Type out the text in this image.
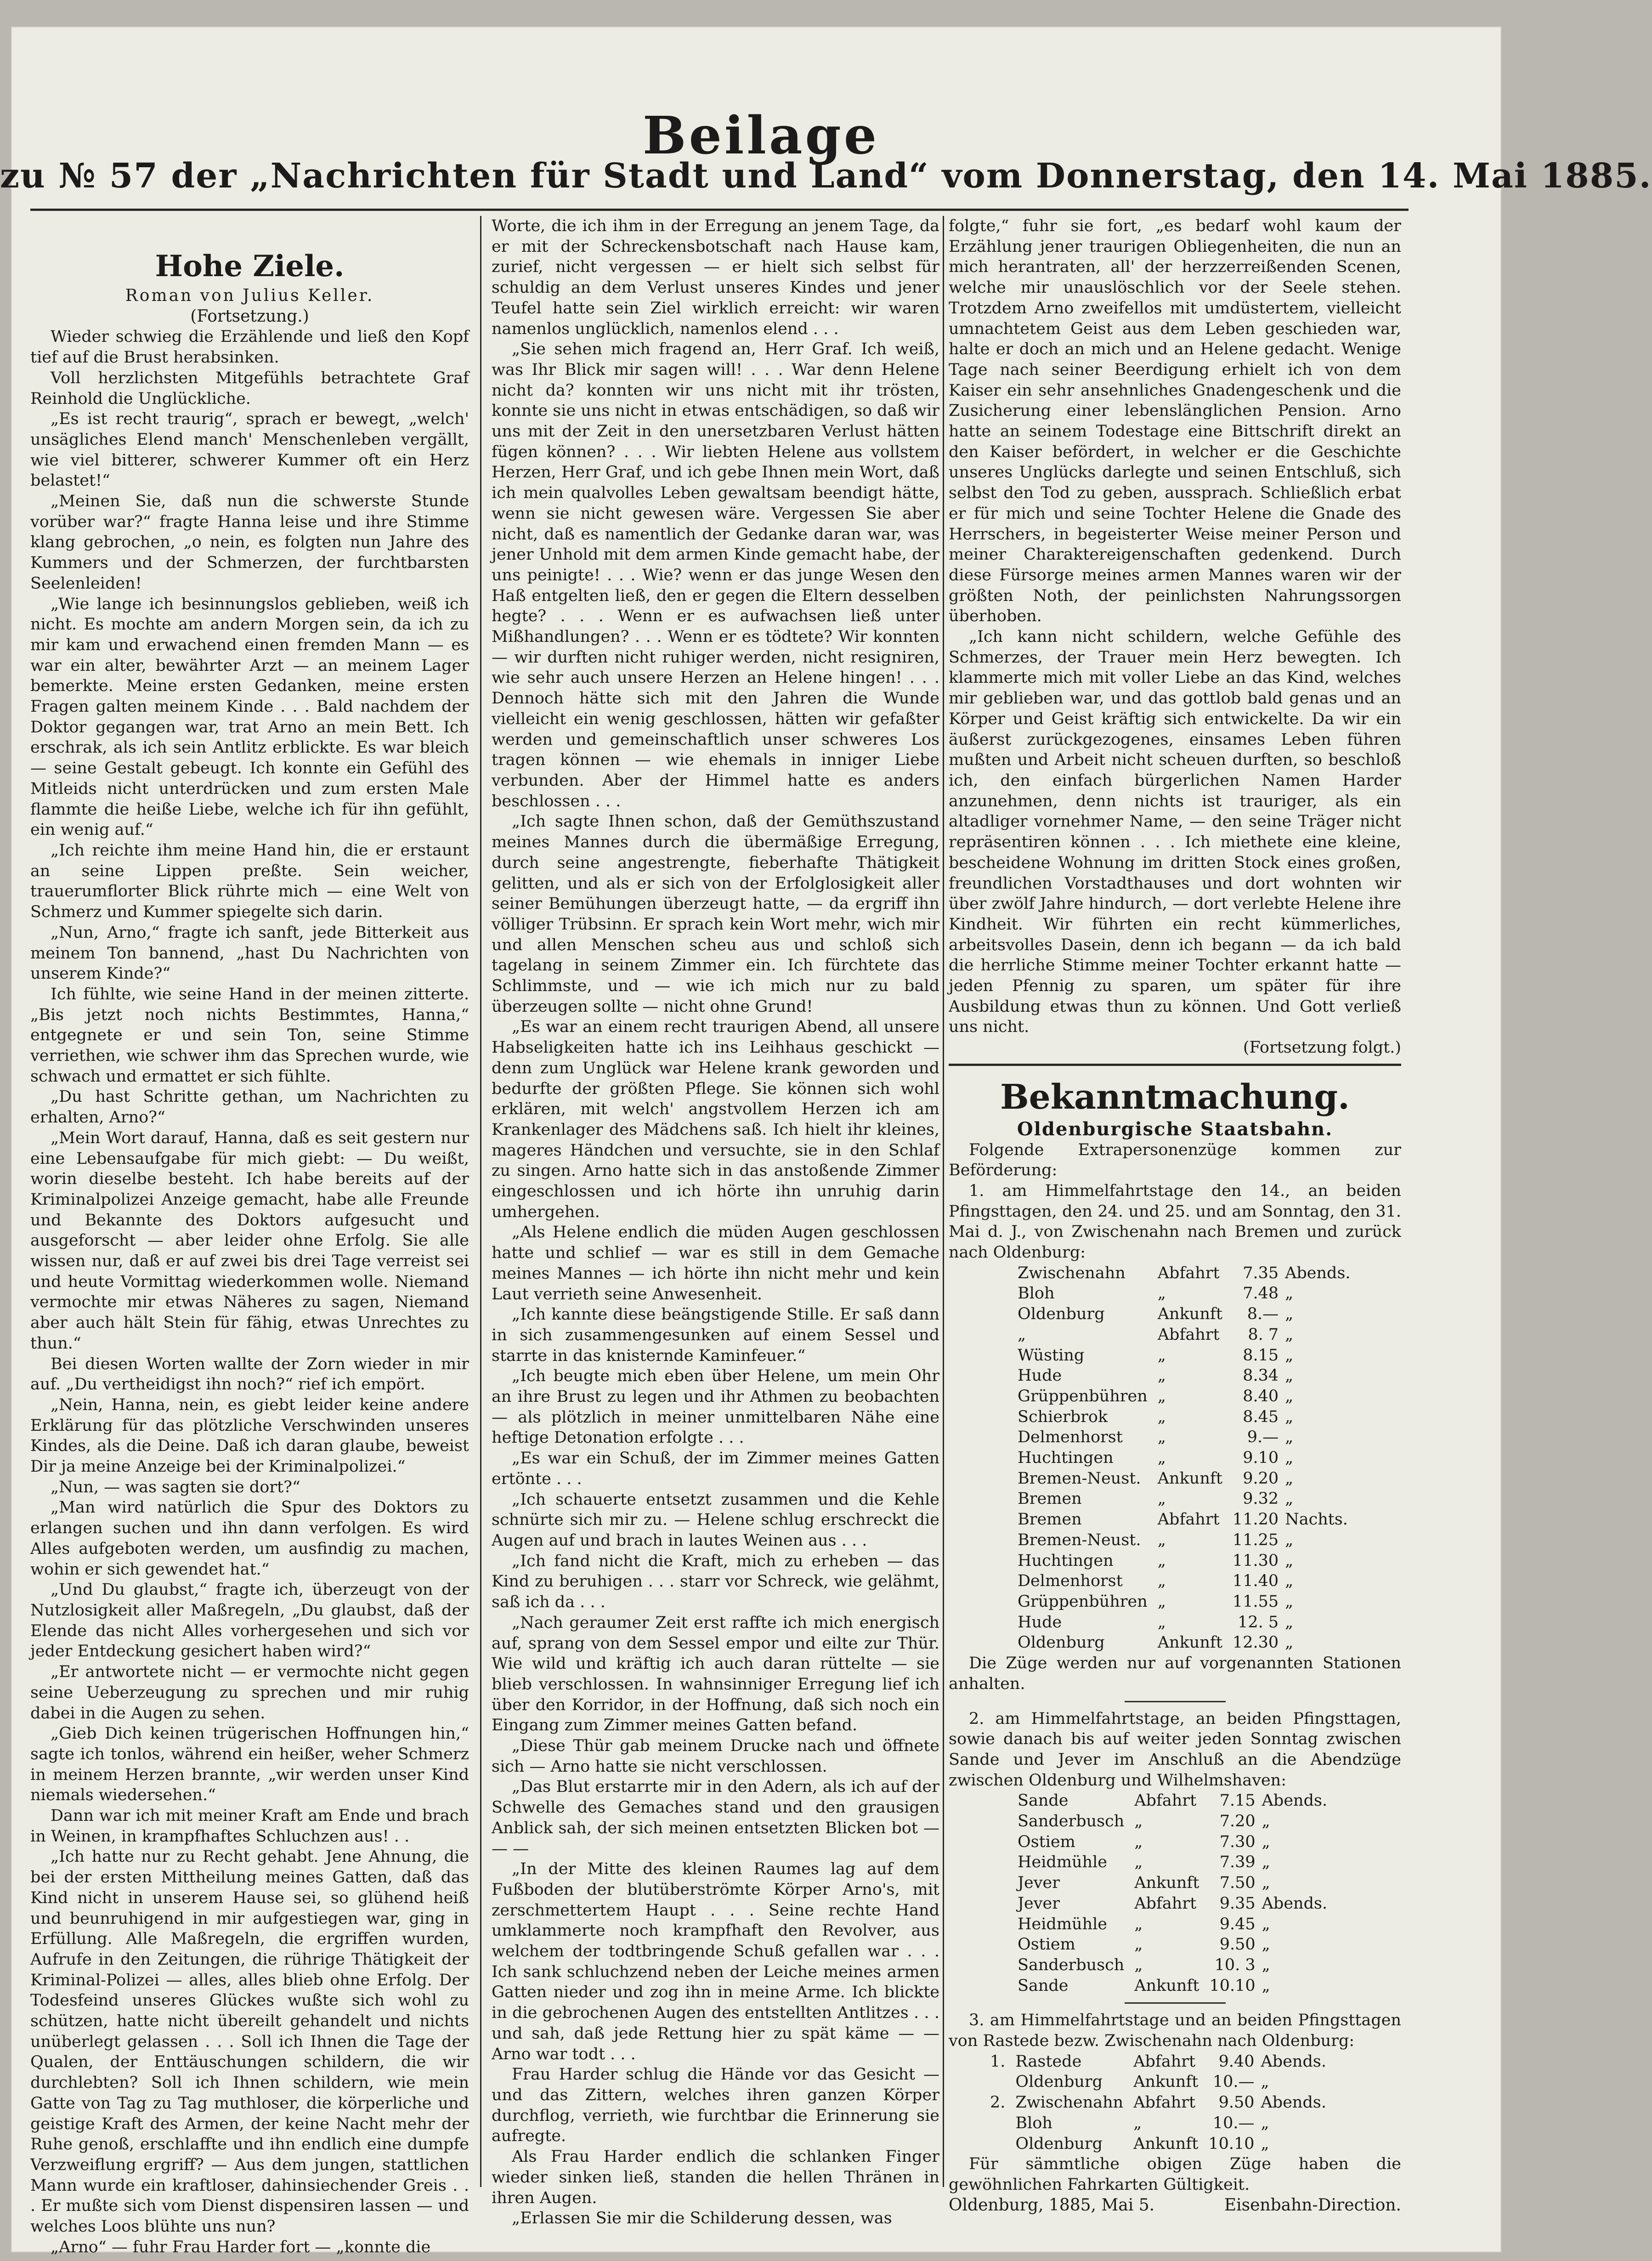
Beilage
zu № 57 der „Nachrichten für Stadt und Land“ vom Donnerstag, den 14. Mai 1885.
Hohe Ziele.
Roman von Julius Keller.
(Fortsetzung.)

Wieder schwieg die Erzählende und ließ den Kopf tief auf die Brust herabsinken.

Voll herzlichsten Mitgefühls betrachtete Graf Reinhold die Unglückliche.

„Es ist recht traurig“, sprach er bewegt, „welch' unsägliches Elend manch' Menschenleben vergällt, wie viel bitterer, schwerer Kummer oft ein Herz belastet!“

„Meinen Sie, daß nun die schwerste Stunde vorüber war?“ fragte Hanna leise und ihre Stimme klang gebrochen, „o nein, es folgten nun Jahre des Kummers und der Schmerzen, der furchtbarsten Seelenleiden!

„Wie lange ich besinnungslos geblieben, weiß ich nicht. Es mochte am andern Morgen sein, da ich zu mir kam und erwachend einen fremden Mann — es war ein alter, bewährter Arzt — an meinem Lager bemerkte. Meine ersten Gedanken, meine ersten Fragen galten meinem Kinde . . . Bald nachdem der Doktor gegangen war, trat Arno an mein Bett. Ich erschrak, als ich sein Antlitz erblickte. Es war bleich — seine Gestalt gebeugt. Ich konnte ein Gefühl des Mitleids nicht unterdrücken und zum ersten Male flammte die heiße Liebe, welche ich für ihn gefühlt, ein wenig auf.“

„Ich reichte ihm meine Hand hin, die er erstaunt an seine Lippen preßte. Sein weicher, trauerumflorter Blick rührte mich — eine Welt von Schmerz und Kummer spiegelte sich darin.

„Nun, Arno,“ fragte ich sanft, jede Bitterkeit aus meinem Ton bannend, „hast Du Nachrichten von unserem Kinde?“

Ich fühlte, wie seine Hand in der meinen zitterte. „Bis jetzt noch nichts Bestimmtes, Hanna,“ entgegnete er und sein Ton, seine Stimme verriethen, wie schwer ihm das Sprechen wurde, wie schwach und ermattet er sich fühlte.

„Du hast Schritte gethan, um Nachrichten zu erhalten, Arno?“

„Mein Wort darauf, Hanna, daß es seit gestern nur eine Lebensaufgabe für mich giebt: — Du weißt, worin dieselbe besteht. Ich habe bereits auf der Kriminalpolizei Anzeige gemacht, habe alle Freunde und Bekannte des Doktors aufgesucht und ausgeforscht — aber leider ohne Erfolg. Sie alle wissen nur, daß er auf zwei bis drei Tage verreist sei und heute Vormittag wiederkommen wolle. Niemand vermochte mir etwas Näheres zu sagen, Niemand aber auch hält Stein für fähig, etwas Unrechtes zu thun.“

Bei diesen Worten wallte der Zorn wieder in mir auf. „Du vertheidigst ihn noch?“ rief ich empört.

„Nein, Hanna, nein, es giebt leider keine andere Erklärung für das plötzliche Verschwinden unseres Kindes, als die Deine. Daß ich daran glaube, beweist Dir ja meine Anzeige bei der Kriminalpolizei.“

„Nun, — was sagten sie dort?“

„Man wird natürlich die Spur des Doktors zu erlangen suchen und ihn dann verfolgen. Es wird Alles aufgeboten werden, um ausfindig zu machen, wohin er sich gewendet hat.“

„Und Du glaubst,“ fragte ich, überzeugt von der Nutzlosigkeit aller Maßregeln, „Du glaubst, daß der Elende das nicht Alles vorhergesehen und sich vor jeder Entdeckung gesichert haben wird?“

„Er antwortete nicht — er vermochte nicht gegen seine Ueberzeugung zu sprechen und mir ruhig dabei in die Augen zu sehen.

„Gieb Dich keinen trügerischen Hoffnungen hin,“ sagte ich tonlos, während ein heißer, weher Schmerz in meinem Herzen brannte, „wir werden unser Kind niemals wiedersehen.“

Dann war ich mit meiner Kraft am Ende und brach in Weinen, in krampfhaftes Schluchzen aus! . .

„Ich hatte nur zu Recht gehabt. Jene Ahnung, die bei der ersten Mittheilung meines Gatten, daß das Kind nicht in unserem Hause sei, so glühend heiß und beunruhigend in mir aufgestiegen war, ging in Erfüllung. Alle Maßregeln, die ergriffen wurden, Aufrufe in den Zeitungen, die rührige Thätigkeit der Kriminal-Polizei — alles, alles blieb ohne Erfolg. Der Todesfeind unseres Glückes wußte sich wohl zu schützen, hatte nicht übereilt gehandelt und nichts unüberlegt gelassen . . . Soll ich Ihnen die Tage der Qualen, der Enttäuschungen schildern, die wir durchlebten? Soll ich Ihnen schildern, wie mein Gatte von Tag zu Tag muthloser, die körperliche und geistige Kraft des Armen, der keine Nacht mehr der Ruhe genoß, erschlaffte und ihn endlich eine dumpfe Verzweiflung ergriff? — Aus dem jungen, stattlichen Mann wurde ein kraftloser, dahinsiechender Greis . . . Er mußte sich vom Dienst dispensiren lassen — und welches Loos blühte uns nun?

„Arno“ — fuhr Frau Harder fort — „konnte die

Worte, die ich ihm in der Erregung an jenem Tage, da er mit der Schreckensbotschaft nach Hause kam, zurief, nicht vergessen — er hielt sich selbst für schuldig an dem Verlust unseres Kindes und jener Teufel hatte sein Ziel wirklich erreicht: wir waren namenlos unglücklich, namenlos elend . . .

„Sie sehen mich fragend an, Herr Graf. Ich weiß, was Ihr Blick mir sagen will! . . . War denn Helene nicht da? konnten wir uns nicht mit ihr trösten, konnte sie uns nicht in etwas entschädigen, so daß wir uns mit der Zeit in den unersetzbaren Verlust hätten fügen können? . . . Wir liebten Helene aus vollstem Herzen, Herr Graf, und ich gebe Ihnen mein Wort, daß ich mein qualvolles Leben gewaltsam beendigt hätte, wenn sie nicht gewesen wäre. Vergessen Sie aber nicht, daß es namentlich der Gedanke daran war, was jener Unhold mit dem armen Kinde gemacht habe, der uns peinigte! . . . Wie? wenn er das junge Wesen den Haß entgelten ließ, den er gegen die Eltern desselben hegte? . . . Wenn er es aufwachsen ließ unter Mißhandlungen? . . . Wenn er es tödtete? Wir konnten — wir durften nicht ruhiger werden, nicht resigniren, wie sehr auch unsere Herzen an Helene hingen! . . . Dennoch hätte sich mit den Jahren die Wunde vielleicht ein wenig geschlossen, hätten wir gefaßter werden und gemeinschaftlich unser schweres Los tragen können — wie ehemals in inniger Liebe verbunden. Aber der Himmel hatte es anders beschlossen . . .

„Ich sagte Ihnen schon, daß der Gemüthszustand meines Mannes durch die übermäßige Erregung, durch seine angestrengte, fieberhafte Thätigkeit gelitten, und als er sich von der Erfolglosigkeit aller seiner Bemühungen überzeugt hatte, — da ergriff ihn völliger Trübsinn. Er sprach kein Wort mehr, wich mir und allen Menschen scheu aus und schloß sich tagelang in seinem Zimmer ein. Ich fürchtete das Schlimmste, und — wie ich mich nur zu bald überzeugen sollte — nicht ohne Grund!

„Es war an einem recht traurigen Abend, all unsere Habseligkeiten hatte ich ins Leihhaus geschickt — denn zum Unglück war Helene krank geworden und bedurfte der größten Pflege. Sie können sich wohl erklären, mit welch' angstvollem Herzen ich am Krankenlager des Mädchens saß. Ich hielt ihr kleines, mageres Händchen und versuchte, sie in den Schlaf zu singen. Arno hatte sich in das anstoßende Zimmer eingeschlossen und ich hörte ihn unruhig darin umhergehen.

„Als Helene endlich die müden Augen geschlossen hatte und schlief — war es still in dem Gemache meines Mannes — ich hörte ihn nicht mehr und kein Laut verrieth seine Anwesenheit.

„Ich kannte diese beängstigende Stille. Er saß dann in sich zusammengesunken auf einem Sessel und starrte in das knisternde Kaminfeuer.“

„Ich beugte mich eben über Helene, um mein Ohr an ihre Brust zu legen und ihr Athmen zu beobachten — als plötzlich in meiner unmittelbaren Nähe eine heftige Detonation erfolgte . . .

„Es war ein Schuß, der im Zimmer meines Gatten ertönte . . .

„Ich schauerte entsetzt zusammen und die Kehle schnürte sich mir zu. — Helene schlug erschreckt die Augen auf und brach in lautes Weinen aus . . .

„Ich fand nicht die Kraft, mich zu erheben — das Kind zu beruhigen . . . starr vor Schreck, wie gelähmt, saß ich da . . .

„Nach geraumer Zeit erst raffte ich mich energisch auf, sprang von dem Sessel empor und eilte zur Thür. Wie wild und kräftig ich auch daran rüttelte — sie blieb verschlossen. In wahnsinniger Erregung lief ich über den Korridor, in der Hoffnung, daß sich noch ein Eingang zum Zimmer meines Gatten befand.

„Diese Thür gab meinem Drucke nach und öffnete sich — Arno hatte sie nicht verschlossen.

„Das Blut erstarrte mir in den Adern, als ich auf der Schwelle des Gemaches stand und den grausigen Anblick sah, der sich meinen entsetzten Blicken bot — — —

„In der Mitte des kleinen Raumes lag auf dem Fußboden der blutüberströmte Körper Arno's, mit zerschmettertem Haupt . . . Seine rechte Hand umklammerte noch krampfhaft den Revolver, aus welchem der todtbringende Schuß gefallen war . . . Ich sank schluchzend neben der Leiche meines armen Gatten nieder und zog ihn in meine Arme. Ich blickte in die gebrochenen Augen des entstellten Antlitzes . . . und sah, daß jede Rettung hier zu spät käme — — Arno war todt . . .

Frau Harder schlug die Hände vor das Gesicht — und das Zittern, welches ihren ganzen Körper durchflog, verrieth, wie furchtbar die Erinnerung sie aufregte.

Als Frau Harder endlich die schlanken Finger wieder sinken ließ, standen die hellen Thränen in ihren Augen.

„Erlassen Sie mir die Schilderung dessen, was

folgte,“ fuhr sie fort, „es bedarf wohl kaum der Erzählung jener traurigen Obliegenheiten, die nun an mich herantraten, all' der herzzerreißenden Scenen, welche mir unauslöschlich vor der Seele stehen. Trotzdem Arno zweifellos mit umdüstertem, vielleicht umnachtetem Geist aus dem Leben geschieden war, halte er doch an mich und an Helene gedacht. Wenige Tage nach seiner Beerdigung erhielt ich von dem Kaiser ein sehr ansehnliches Gnadengeschenk und die Zusicherung einer lebenslänglichen Pension. Arno hatte an seinem Todestage eine Bittschrift direkt an den Kaiser befördert, in welcher er die Geschichte unseres Unglücks darlegte und seinen Entschluß, sich selbst den Tod zu geben, aussprach. Schließlich erbat er für mich und seine Tochter Helene die Gnade des Herrschers, in begeisterter Weise meiner Person und meiner Charaktereigenschaften gedenkend. Durch diese Fürsorge meines armen Mannes waren wir der größten Noth, der peinlichsten Nahrungssorgen überhoben.

„Ich kann nicht schildern, welche Gefühle des Schmerzes, der Trauer mein Herz bewegten. Ich klammerte mich mit voller Liebe an das Kind, welches mir geblieben war, und das gottlob bald genas und an Körper und Geist kräftig sich entwickelte. Da wir ein äußerst zurückgezogenes, einsames Leben führen mußten und Arbeit nicht scheuen durften, so beschloß ich, den einfach bürgerlichen Namen Harder anzunehmen, denn nichts ist trauriger, als ein altadliger vornehmer Name, — den seine Träger nicht repräsentiren können . . . Ich miethete eine kleine, bescheidene Wohnung im dritten Stock eines großen, freundlichen Vorstadthauses und dort wohnten wir über zwölf Jahre hindurch, — dort verlebte Helene ihre Kindheit. Wir führten ein recht kümmerliches, arbeitsvolles Dasein, denn ich begann — da ich bald die herrliche Stimme meiner Tochter erkannt hatte — jeden Pfennig zu sparen, um später für ihre Ausbildung etwas thun zu können. Und Gott verließ uns nicht.

(Fortsetzung folgt.)

Bekanntmachung.
Oldenburgische Staatsbahn.

Folgende Extrapersonenzüge kommen zur Beförderung:

1. am Himmelfahrtstage den 14., an beiden Pfingsttagen, den 24. und 25. und am Sonntag, den 31. Mai d. J., von Zwischenahn nach Bremen und zurück nach Oldenburg:

Zwischenahn	Abfahrt	7.35	Abends.
Bloh	„	7.48	„
Oldenburg	Ankunft	8.—	„
„	Abfahrt	8. 7	„
Wüsting	„	8.15	„
Hude	„	8.34	„
Grüppenbühren	„	8.40	„
Schierbrok	„	8.45	„
Delmenhorst	„	9.—	„
Huchtingen	„	9.10	„
Bremen-Neust.	Ankunft	9.20	„
Bremen	„	9.32	„
Bremen	Abfahrt	11.20	Nachts.
Bremen-Neust.	„	11.25	„
Huchtingen	„	11.30	„
Delmenhorst	„	11.40	„
Grüppenbühren	„	11.55	„
Hude	„	12. 5	„
Oldenburg	Ankunft	12.30	„

Die Züge werden nur auf vorgenannten Stationen anhalten.

2. am Himmelfahrtstage, an beiden Pfingsttagen, sowie danach bis auf weiter jeden Sonntag zwischen Sande und Jever im Anschluß an die Abendzüge zwischen Oldenburg und Wilhelmshaven:

Sande	Abfahrt	7.15	Abends.
Sanderbusch	„	7.20	„
Ostiem	„	7.30	„
Heidmühle	„	7.39	„
Jever	Ankunft	7.50	„
Jever	Abfahrt	9.35	Abends.
Heidmühle	„	9.45	„
Ostiem	„	9.50	„
Sanderbusch	„	10. 3	„
Sande	Ankunft	10.10	„

3. am Himmelfahrtstage und an beiden Pfingsttagen von Rastede bezw. Zwischenahn nach Oldenburg:

1.	Rastede	Abfahrt	9.40	Abends.
	Oldenburg	Ankunft	10.—	„
2.	Zwischenahn	Abfahrt	9.50	Abends.
	Bloh	„	10.—	„
	Oldenburg	Ankunft	10.10	„

Für sämmtliche obigen Züge haben die gewöhnlichen Fahrkarten Gültigkeit.

Oldenburg, 1885, Mai 5.	Eisenbahn-Direction.
